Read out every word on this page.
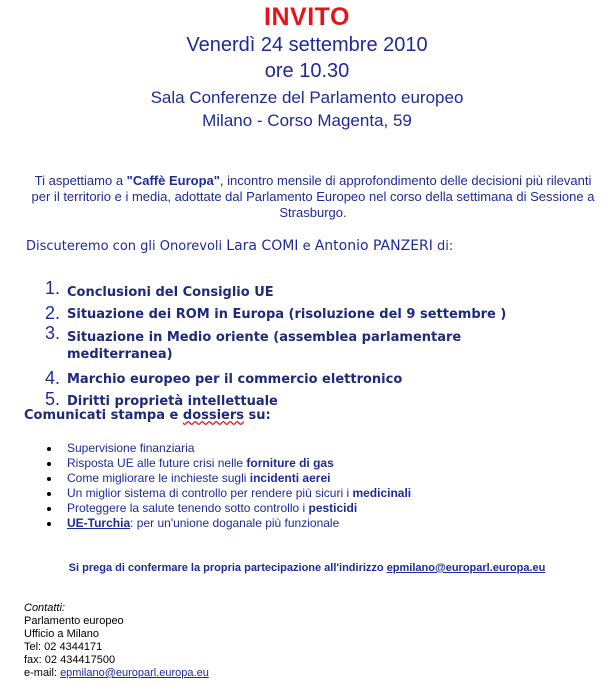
INVITO
Venerdì 24 settembre 2010
ore 10.30
Sala Conferenze del Parlamento europeo
Milano - Corso Magenta, 59
Ti aspettiamo a "Caffè Europa", incontro mensile di approfondimento delle decisioni più rilevanti per il territorio e i media, adottate dal Parlamento Europeo nel corso della settimana di Sessione a Strasburgo.
Discuteremo con gli Onorevoli Lara COMI e Antonio PANZERI di:
1. Conclusioni del Consiglio UE
2. Situazione dei ROM in Europa (risoluzione del 9 settembre )
3. Situazione in Medio oriente (assemblea parlamentare mediterranea)
4. Marchio europeo per il commercio elettronico
5. Diritti proprietà intellettuale
Comunicati stampa e dossiers su:
Supervisione finanziaria
Risposta UE alle future crisi nelle forniture di gas
Come migliorare le inchieste sugli incidenti aerei
Un miglior sistema di controllo per rendere più sicuri i medicinali
Proteggere la salute tenendo sotto controllo i pesticidi
UE-Turchia: per un'unione doganale più funzionale
Si prega di confermare la propria partecipazione all'indirizzo epmilano@europarl.europa.eu
Contatti:
Parlamento europeo
Ufficio a Milano
Tel: 02 4344171
fax: 02 434417500
e-mail: epmilano@europarl.europa.eu
